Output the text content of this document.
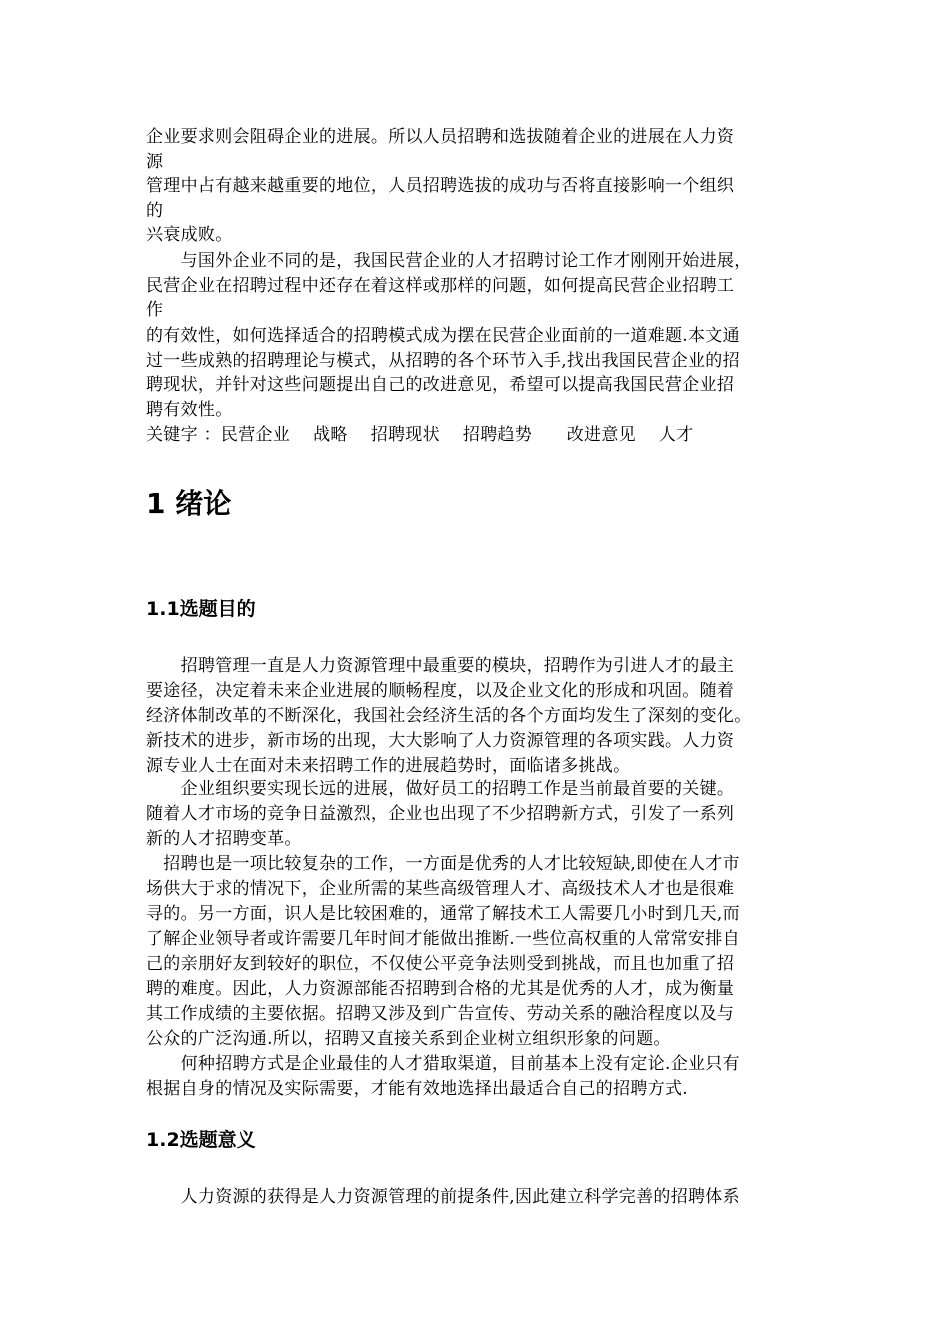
企业要求则会阻碍企业的进展。所以人员招聘和选拔随着企业的进展在人力资
源
管理中占有越来越重要的地位，人员招聘选拔的成功与否将直接影响一个组织
的
兴衰成败。
　　与国外企业不同的是，我国民营企业的人才招聘讨论工作才刚刚开始进展，
民营企业在招聘过程中还存在着这样或那样的问题，如何提高民营企业招聘工
作
的有效性，如何选择适合的招聘模式成为摆在民营企业面前的一道难题.本文通
过一些成熟的招聘理论与模式，从招聘的各个环节入手,找出我国民营企业的招
聘现状，并针对这些问题提出自己的改进意见，希望可以提高我国民营企业招
聘有效性。
关键字 ：民营企业　 战略　 招聘现状　 招聘趋势　　改进意见　 人才
1 绪论
1.1选题目的
　　招聘管理一直是人力资源管理中最重要的模块，招聘作为引进人才的最主
要途径，决定着未来企业进展的顺畅程度，以及企业文化的形成和巩固。随着
经济体制改革的不断深化，我国社会经济生活的各个方面均发生了深刻的变化。
新技术的进步，新市场的出现，大大影响了人力资源管理的各项实践。人力资
源专业人士在面对未来招聘工作的进展趋势时，面临诸多挑战。
　　企业组织要实现长远的进展，做好员工的招聘工作是当前最首要的关键。
随着人才市场的竞争日益激烈，企业也出现了不少招聘新方式，引发了一系列
新的人才招聘变革。
　招聘也是一项比较复杂的工作，一方面是优秀的人才比较短缺,即使在人才市
场供大于求的情况下，企业所需的某些高级管理人才、高级技术人才也是很难
寻的。另一方面，识人是比较困难的，通常了解技术工人需要几小时到几天,而
了解企业领导者或许需要几年时间才能做出推断.一些位高权重的人常常安排自
己的亲朋好友到较好的职位，不仅使公平竞争法则受到挑战，而且也加重了招
聘的难度。因此，人力资源部能否招聘到合格的尤其是优秀的人才，成为衡量
其工作成绩的主要依据。招聘又涉及到广告宣传、劳动关系的融洽程度以及与
公众的广泛沟通.所以，招聘又直接关系到企业树立组织形象的问题。
　　何种招聘方式是企业最佳的人才猎取渠道，目前基本上没有定论.企业只有
根据自身的情况及实际需要，才能有效地选择出最适合自己的招聘方式.
1.2选题意义
　　人力资源的获得是人力资源管理的前提条件,因此建立科学完善的招聘体系
